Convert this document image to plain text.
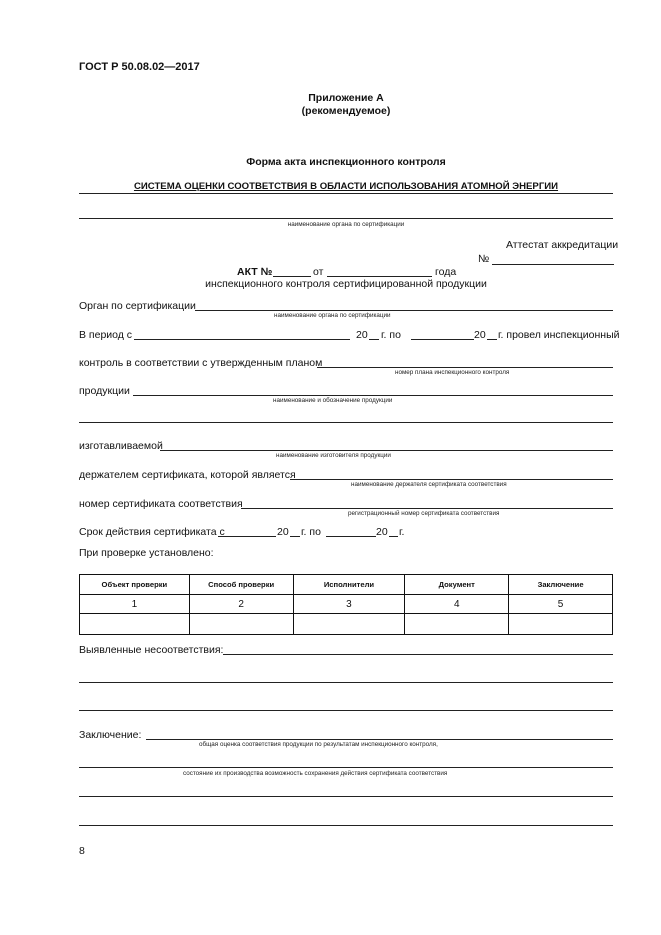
ГОСТ Р 50.08.02—2017
Приложение А
(рекомендуемое)
Форма акта инспекционного контроля
СИСТЕМА ОЦЕНКИ СООТВЕТСТВИЯ В ОБЛАСТИ ИСПОЛЬЗОВАНИЯ АТОМНОЙ ЭНЕРГИИ
наименование органа по сертификации
Аттестат аккредитации
№
АКТ №	от	года
инспекционного контроля сертифицированной продукции
Орган по сертификации
наименование органа по сертификации
В период с	20 г. по	20 г. провел инспекционный
контроль в соответствии с утвержденным планом
номер плана инспекционного контроля
продукции
наименование и обозначение продукции
изготавливаемой
наименование изготовителя продукции
держателем сертификата, которой является
наименование держателя сертификата соответствия
номер сертификата соответствия
регистрационный номер сертификата соответствия
Срок действия сертификата с	20 г. по	20 г.
При проверке установлено:
Объект проверки	Способ проверки	Исполнители	Документ	Заключение
1	2	3	4	5

Выявленные несоответствия:
Заключение:
общая оценка соответствия продукции по результатам инспекционного контроля,
состояние их производства возможность сохранения действия сертификата соответствия
8
